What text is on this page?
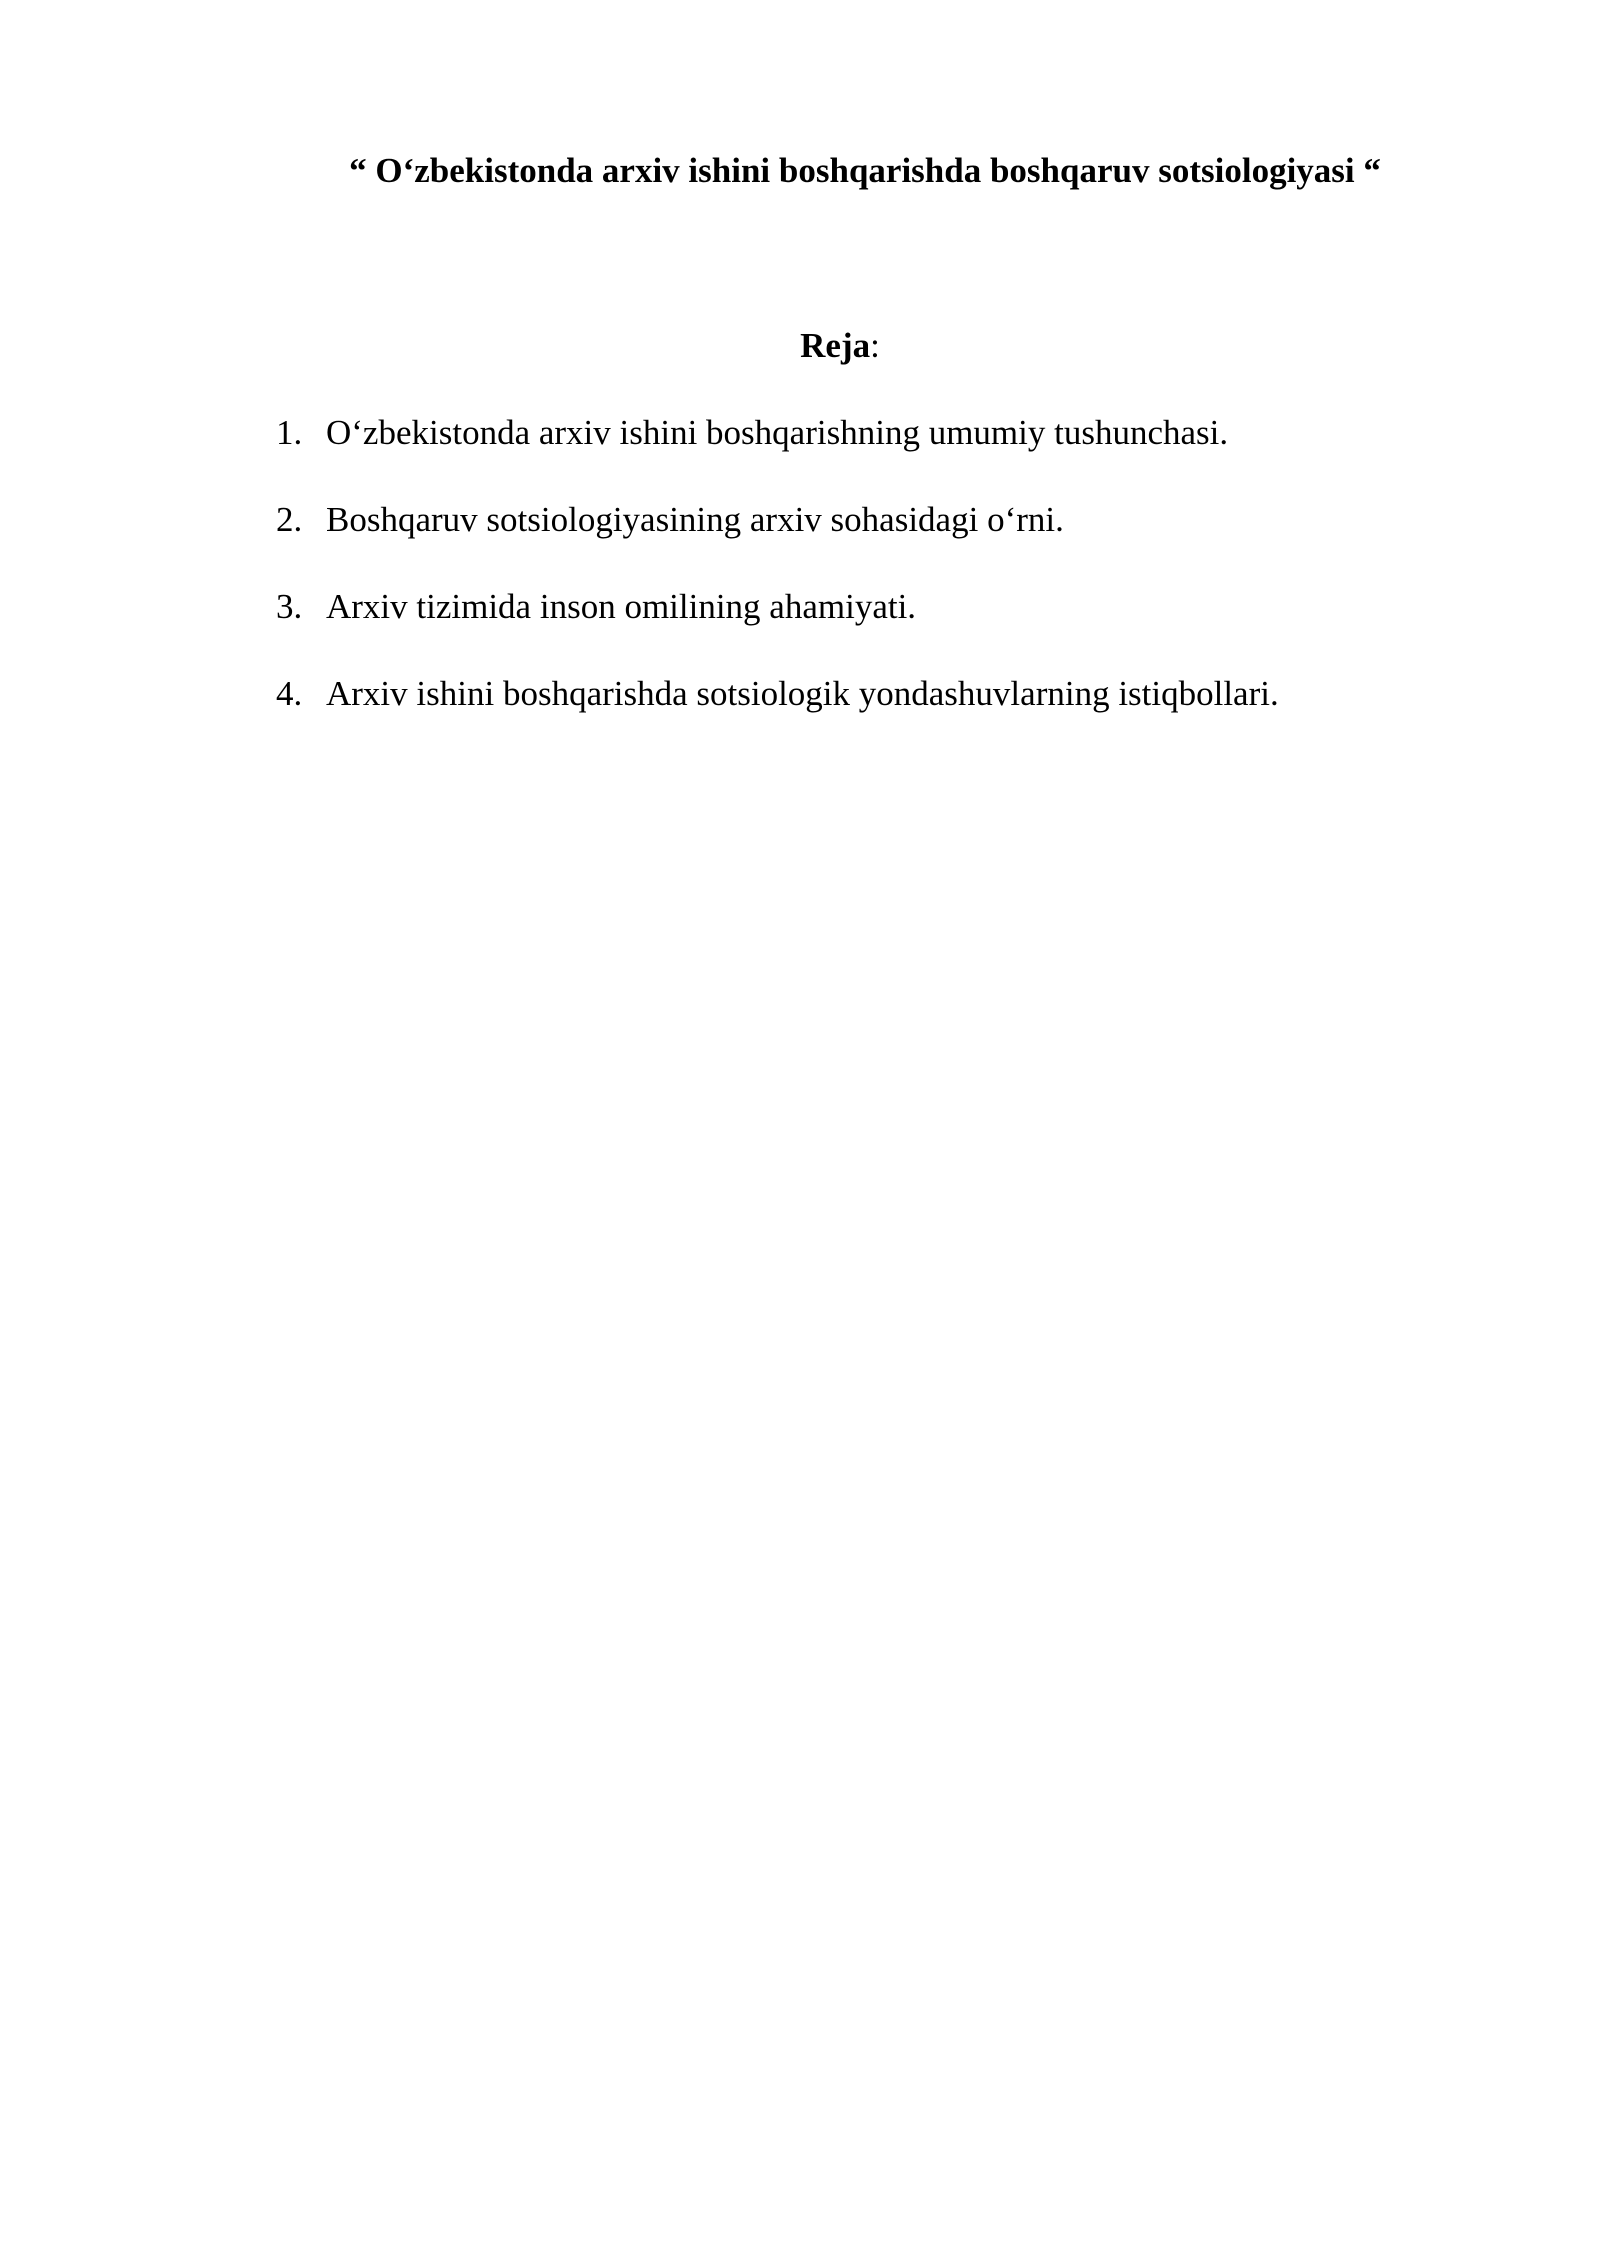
“ O‘zbekistonda arxiv ishini boshqarishda boshqaruv sotsiologiyasi “

Reja:

1. O‘zbekistonda arxiv ishini boshqarishning umumiy tushunchasi.
2. Boshqaruv sotsiologiyasining arxiv sohasidagi o‘rni.
3. Arxiv tizimida inson omilining ahamiyati.
4. Arxiv ishini boshqarishda sotsiologik yondashuvlarning istiqbollari.
